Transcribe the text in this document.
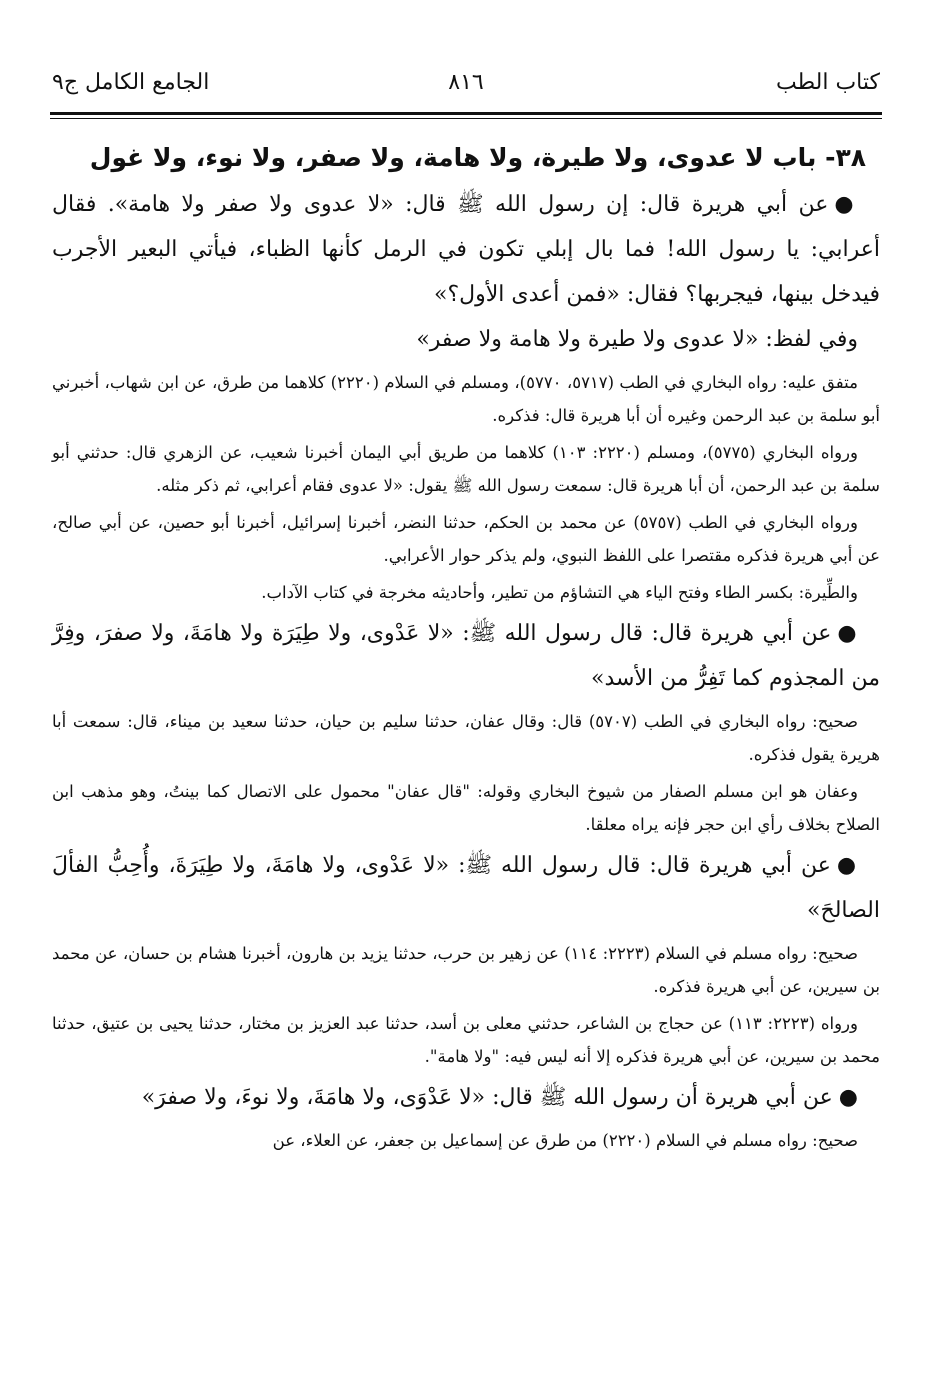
كتاب الطب
٨١٦
الجامع الكامل ج٩
٣٨- باب لا عدوى، ولا طيرة، ولا هامة، ولا صفر، ولا نوء، ولا غول

●عن أبي هريرة قال: إن رسول الله ﷺ قال: «لا عدوى ولا صفر ولا هامة». فقال أعرابي: يا رسول الله! فما بال إبلي تكون في الرمل كأنها الظباء، فيأتي البعير الأجرب فيدخل بينها، فيجربها؟ فقال: «فمن أعدى الأول؟»

وفي لفظ: «لا عدوى ولا طيرة ولا هامة ولا صفر»

متفق عليه: رواه البخاري في الطب (٥٧١٧، ٥٧٧٠)، ومسلم في السلام (٢٢٢٠) كلاهما من طرق، عن ابن شهاب، أخبرني أبو سلمة بن عبد الرحمن وغيره أن أبا هريرة قال: فذكره.

ورواه البخاري (٥٧٧٥)، ومسلم (٢٢٢٠: ١٠٣) كلاهما من طريق أبي اليمان أخبرنا شعيب، عن الزهري قال: حدثني أبو سلمة بن عبد الرحمن، أن أبا هريرة قال: سمعت رسول الله ﷺ يقول: «لا عدوى فقام أعرابي، ثم ذكر مثله.

ورواه البخاري في الطب (٥٧٥٧) عن محمد بن الحكم، حدثنا النضر، أخبرنا إسرائيل، أخبرنا أبو حصين، عن أبي صالح، عن أبي هريرة فذكره مقتصرا على اللفظ النبوي، ولم يذكر حوار الأعرابي.

والطِّيرة: بكسر الطاء وفتح الياء هي التشاؤم من تطير، وأحاديثه مخرجة في كتاب الآداب.

●عن أبي هريرة قال: قال رسول الله ﷺ: «لا عَدْوى، ولا طِيَرَة ولا هامَةَ، ولا صفرَ، وفِرَّ من المجذوم كما تَفِرُّ من الأسد»

صحيح: رواه البخاري في الطب (٥٧٠٧) قال: وقال عفان، حدثنا سليم بن حيان، حدثنا سعيد بن ميناء، قال: سمعت أبا هريرة يقول فذكره.

وعفان هو ابن مسلم الصفار من شيوخ البخاري وقوله: "قال عفان" محمول على الاتصال كما بينتُ، وهو مذهب ابن الصلاح بخلاف رأي ابن حجر فإنه يراه معلقا.

●عن أبي هريرة قال: قال رسول الله ﷺ: «لا عَدْوى، ولا هامَةَ، ولا طِيَرَةَ، وأُحِبُّ الفألَ الصالحَ»

صحيح: رواه مسلم في السلام (٢٢٢٣: ١١٤) عن زهير بن حرب، حدثنا يزيد بن هارون، أخبرنا هشام بن حسان، عن محمد بن سيرين، عن أبي هريرة فذكره.

ورواه (٢٢٢٣: ١١٣) عن حجاج بن الشاعر، حدثني معلى بن أسد، حدثنا عبد العزيز بن مختار، حدثنا يحيى بن عتيق، حدثنا محمد بن سيرين، عن أبي هريرة فذكره إلا أنه ليس فيه: "ولا هامة".

●عن أبي هريرة أن رسول الله ﷺ قال: «لا عَدْوَى، ولا هامَةَ، ولا نوءَ، ولا صفرَ»

صحيح: رواه مسلم في السلام (٢٢٢٠) من طرق عن إسماعيل بن جعفر، عن العلاء، عن
